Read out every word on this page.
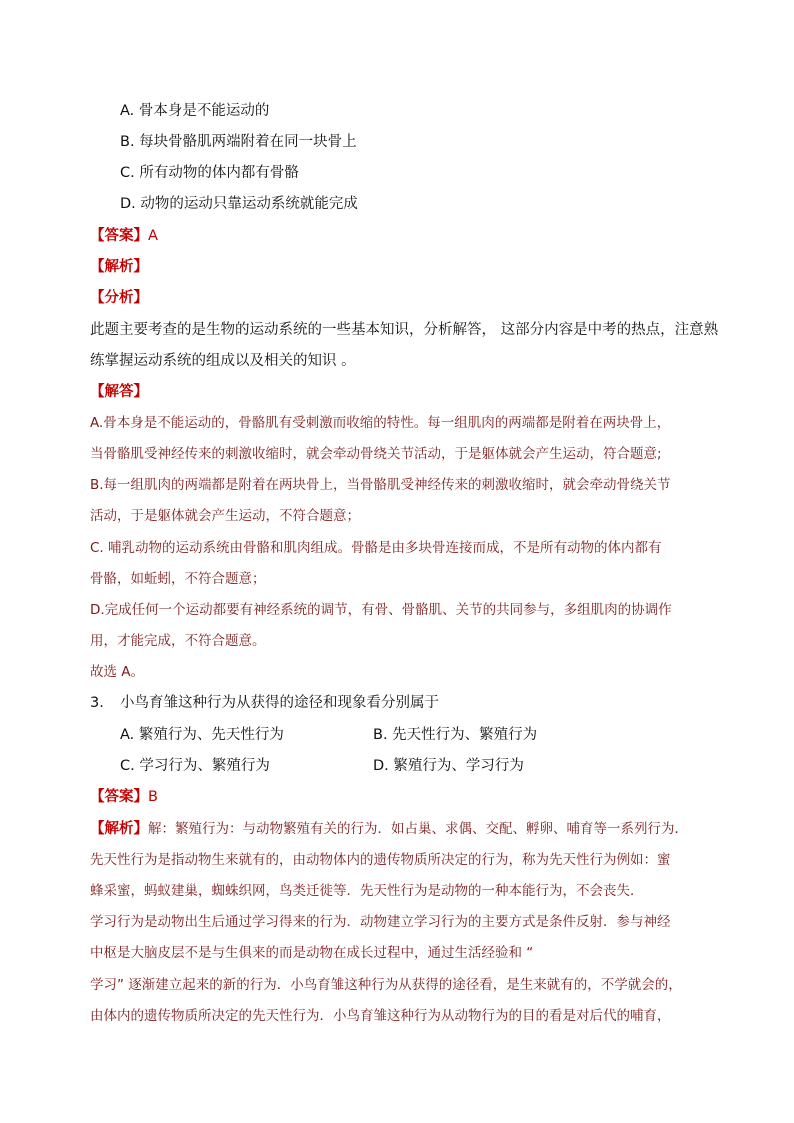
A. 骨本身是不能运动的
B. 每块骨骼肌两端附着在同一块骨上
C. 所有动物的体内都有骨骼
D. 动物的运动只靠运动系统就能完成
【答案】A
【解析】
【分析】
此题主要考查的是生物的运动系统的一些基本知识，分析解答， 这部分内容是中考的热点，注意熟
练掌握运动系统的组成以及相关的知识 。
【解答】
A.骨本身是不能运动的，骨骼肌有受刺激而收缩的特性。每一组肌肉的两端都是附着在两块骨上，
当骨骼肌受神经传来的刺激收缩时，就会牵动骨绕关节活动，于是躯体就会产生运动，符合题意;
B.每一组肌肉的两端都是附着在两块骨上，当骨骼肌受神经传来的刺激收缩时，就会牵动骨绕关节
活动，于是躯体就会产生运动，不符合题意；
C. 哺乳动物的运动系统由骨骼和肌肉组成。骨骼是由多块骨连接而成，不是所有动物的体内都有
骨骼，如蚯蚓，不符合题意；
D.完成任何一个运动都要有神经系统的调节，有骨、骨骼肌、关节的共同参与，多组肌肉的协调作
用，才能完成，不符合题意。
故选 A。
3. 小鸟育雏这种行为从获得的途径和现象看分别属于
A. 繁殖行为、先天性行为	B. 先天性行为、繁殖行为
C. 学习行为、繁殖行为	D. 繁殖行为、学习行为
【答案】B
【解析】解：繁殖行为：与动物繁殖有关的行为．如占巢、求偶、交配、孵卵、哺育等一系列行为．
先天性行为是指动物生来就有的，由动物体内的遗传物质所决定的行为，称为先天性行为例如：蜜
蜂采蜜，蚂蚁建巢，蜘蛛织网，鸟类迁徙等．先天性行为是动物的一种本能行为，不会丧失．
学习行为是动物出生后通过学习得来的行为．动物建立学习行为的主要方式是条件反射．参与神经
中枢是大脑皮层不是与生俱来的而是动物在成长过程中，通过生活经验和 “
学习” 逐渐建立起来的新的行为．小鸟育雏这种行为从获得的途径看，是生来就有的，不学就会的，
由体内的遗传物质所决定的先天性行为．小鸟育雏这种行为从动物行为的目的看是对后代的哺育，
